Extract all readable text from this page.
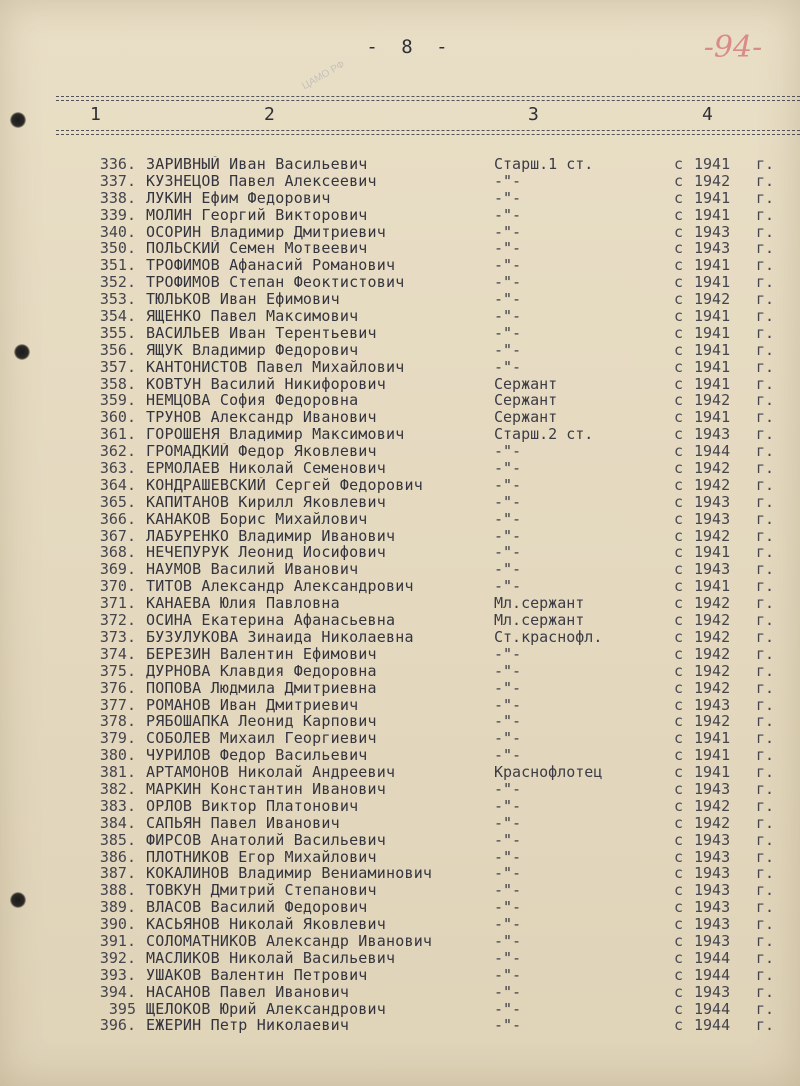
- 8 -	-94-
ЦАМО РФ
1	2	3	4
336. ЗАРИВНЫЙ Иван Васильевич	Старш.1 ст.	с 1941	г.
337. КУЗНЕЦОВ Павел Алексеевич	-"-	с 1942	г.
338. ЛУКИН Ефим Федорович	-"-	с 1941	г.
339. МОЛИН Георгий Викторович	-"-	с 1941	г.
340. ОСОРИН Владимир Дмитриевич	-"-	с 1943	г.
350. ПОЛЬСКИЙ Семен Мотвеевич	-"-	с 1943	г.
351. ТРОФИМОВ Афанасий Романович	-"-	с 1941	г.
352. ТРОФИМОВ Степан Феоктистович	-"-	с 1941	г.
353. ТЮЛЬКОВ Иван Ефимович	-"-	с 1942	г.
354. ЯЩЕНКО Павел Максимович	-"-	с 1941	г.
355. ВАСИЛЬЕВ Иван Терентьевич	-"-	с 1941	г.
356. ЯЩУК Владимир Федорович	-"-	с 1941	г.
357. КАНТОНИСТОВ Павел Михайлович	-"-	с 1941	г.
358. КОВТУН Василий Никифорович	Сержант	с 1941	г.
359. НЕМЦОВА София Федоровна	Сержант	с 1942	г.
360. ТРУНОВ Александр Иванович	Сержант	с 1941	г.
361. ГОРОШЕНЯ Владимир Максимович	Старш.2 ст.	с 1943	г.
362. ГРОМАДКИЙ Федор Яковлевич	-"-	с 1944	г.
363. ЕРМОЛАЕВ Николай Семенович	-"-	с 1942	г.
364. КОНДРАШЕВСКИЙ Сергей Федорович	-"-	с 1942	г.
365. КАПИТАНОВ Кирилл Яковлевич	-"-	с 1943	г.
366. КАНАКОВ Борис Михайлович	-"-	с 1943	г.
367. ЛАБУРЕНКО Владимир Иванович	-"-	с 1942	г.
368. НЕЧЕПУРУК Леонид Иосифович	-"-	с 1941	г.
369. НАУМОВ Василий Иванович	-"-	с 1943	г.
370. ТИТОВ Александр Александрович	-"-	с 1941	г.
371. КАНАЕВА Юлия Павловна	Мл.сержант	с 1942	г.
372. ОСИНА Екатерина Афанасьевна	Мл.сержант	с 1942	г.
373. БУЗУЛУКОВА Зинаида Николаевна	Ст.краснофл.	с 1942	г.
374. БЕРЕЗИН Валентин Ефимович	-"-	с 1942	г.
375. ДУРНОВА Клавдия Федоровна	-"-	с 1942	г.
376. ПОПОВА Людмила Дмитриевна	-"-	с 1942	г.
377. РОМАНОВ Иван Дмитриевич	-"-	с 1943	г.
378. РЯБОШАПКА Леонид Карпович	-"-	с 1942	г.
379. СОБОЛЕВ Михаил Георгиевич	-"-	с 1941	г.
380. ЧУРИЛОВ Федор Васильевич	-"-	с 1941	г.
381. АРТАМОНОВ Николай Андреевич	Краснофлотец	с 1941	г.
382. МАРКИН Константин Иванович	-"-	с 1943	г.
383. ОРЛОВ Виктор Платонович	-"-	с 1942	г.
384. САПЬЯН Павел Иванович	-"-	с 1942	г.
385. ФИРСОВ Анатолий Васильевич	-"-	с 1943	г.
386. ПЛОТНИКОВ Егор Михайлович	-"-	с 1943	г.
387. КОКАЛИНОВ Владимир Вениаминович	-"-	с 1943	г.
388. ТОВКУН Дмитрий Степанович	-"-	с 1943	г.
389. ВЛАСОВ Василий Федорович	-"-	с 1943	г.
390. КАСЬЯНОВ Николай Яковлевич	-"-	с 1943	г.
391. СОЛОМАТНИКОВ Александр Иванович	-"-	с 1943	г.
392. МАСЛИКОВ Николай Васильевич	-"-	с 1944	г.
393. УШАКОВ Валентин Петрович	-"-	с 1944	г.
394. НАСАНОВ Павел Иванович	-"-	с 1943	г.
395 ЩЕЛОКОВ Юрий Александрович	-"-	с 1944	г.
396. ЕЖЕРИН Петр Николаевич	-"-	с 1944	г.
